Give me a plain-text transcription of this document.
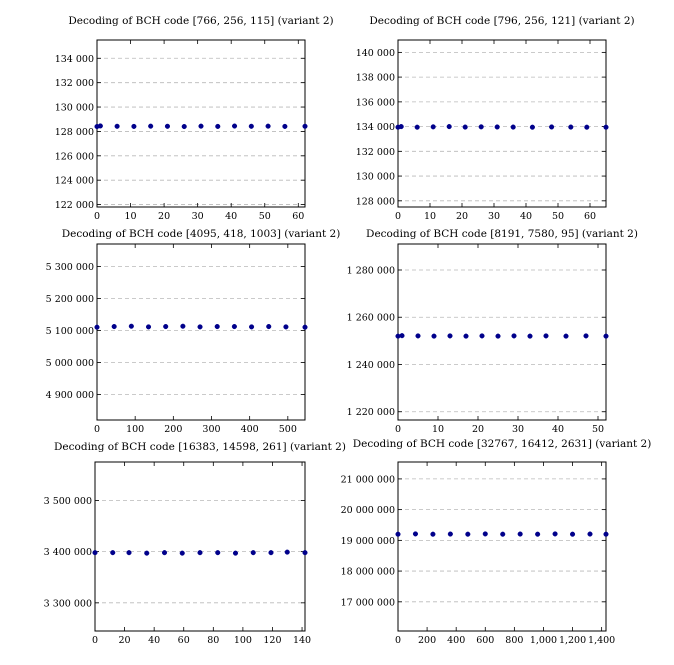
Decoding of BCH code [766, 256, 115] (variant 2)
122 000
124 000
126 000
128 000
130 000
132 000
134 000
0	10 20 30 40 50 60
Decoding of BCH code [796, 256, 121] (variant 2)
128 000
130 000
132 000
134 000
136 000
138 000
140 000
0 10 20 30 40 50 60
Decoding of BCH code [4095, 418, 1003] (variant 2)
4 900 000
5 000 000
5 100 000
5 200 000
5 300 000
0	100 200 300 400 500
Decoding of BCH code [8191, 7580, 95] (variant 2)
1 220 000
1 240 000
1 260 000
1 280 000
0	10	20	30	40	50
Decoding of BCH code [16383, 14598, 261] (variant 2)
3 300 000
3 400 000
3 500 000
0 20 40 60 80 100 120 140
Decoding of BCH code [32767, 16412, 2631] (variant 2)
17 000 000
18 000 000
19 000 000
20 000 000
21 000 000
0 200 400 600 800 1,000 1,200 1,400
